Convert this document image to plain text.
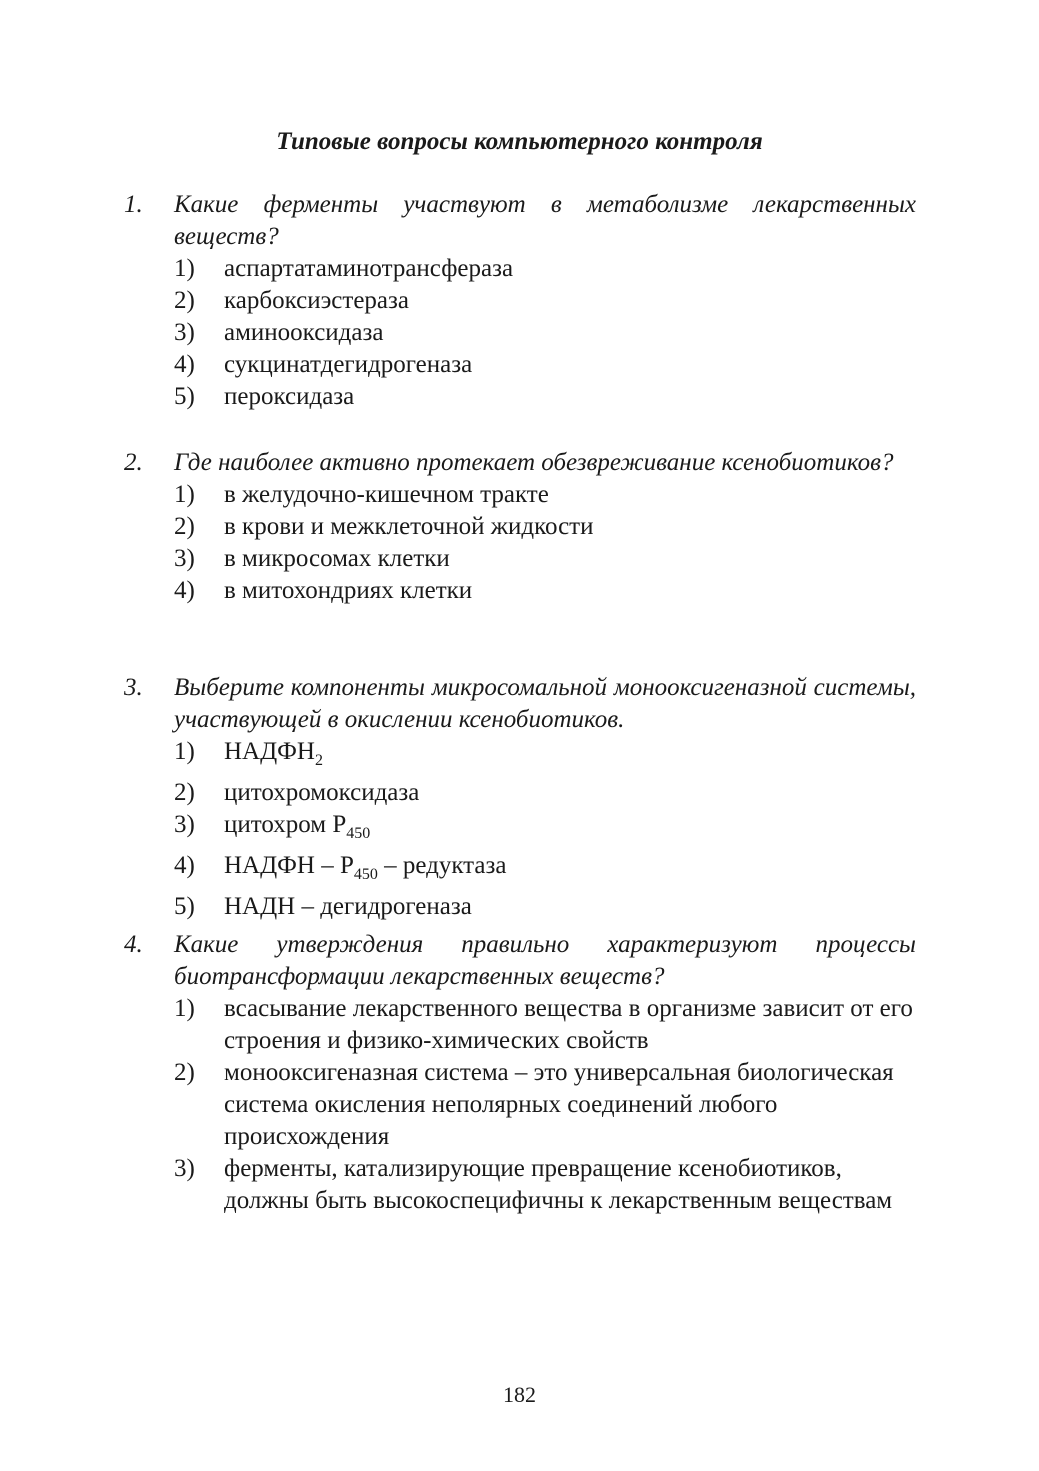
Типовые вопросы компьютерного контроля
1. Какие ферменты участвуют в метаболизме лекарственных веществ?
1) аспартатаминотрансфераза
2) карбоксиэстераза
3) аминооксидаза
4) сукцинатдегидрогеназа
5) пероксидаза
2. Где наиболее активно протекает обезвреживание ксенобиотиков?
1) в желудочно-кишечном тракте
2) в крови и межклеточной жидкости
3) в микросомах клетки
4) в митохондриях клетки
3. Выберите компоненты микросомальной монооксигеназной системы, участвующей в окислении ксенобиотиков.
1) $НАДФН_2$
2) цитохромоксидаза
3) цитохром $Р_{450}$
4) НАДФН – $Р_{450}$ – редуктаза
5) НАДН – дегидрогеназа
4. Какие утверждения правильно характеризуют процессы биотрансформации лекарственных веществ?
1) всасывание лекарственного вещества в организме зависит от его строения и физико-химических свойств
2) монооксигеназная система – это универсальная биологическая система окисления неполярных соединений любого происхождения
3) ферменты, катализирующие превращение ксенобиотиков, должны быть высокоспецифичны к лекарственным веществам
182
